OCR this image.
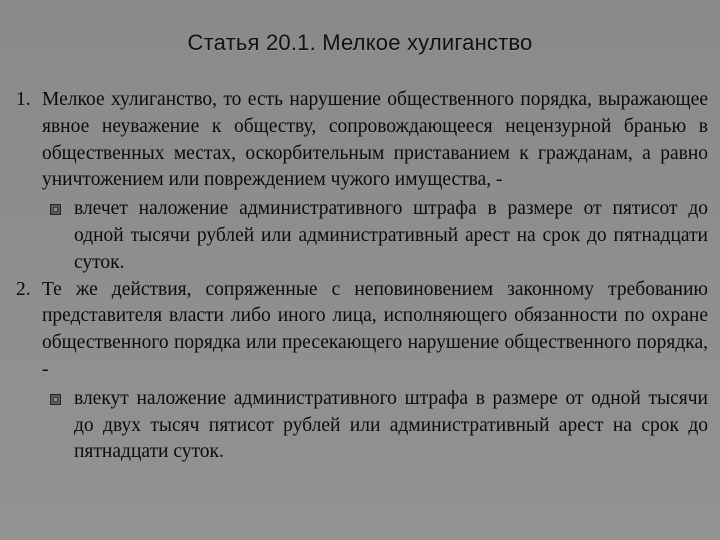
Статья 20.1. Мелкое хулиганство
1. Мелкое хулиганство, то есть нарушение общественного порядка, выражающее явное неуважение к обществу, сопровождающееся нецензурной бранью в общественных местах, оскорбительным приставанием к гражданам, а равно уничтожением или повреждением чужого имущества, -
влечет наложение административного штрафа в размере от пятисот до одной тысячи рублей или административный арест на срок до пятнадцати суток.
2. Те же действия, сопряженные с неповиновением законному требованию представителя власти либо иного лица, исполняющего обязанности по охране общественного порядка или пресекающего нарушение общественного порядка, -
влекут наложение административного штрафа в размере от одной тысячи до двух тысяч пятисот рублей или административный арест на срок до пятнадцати суток.
